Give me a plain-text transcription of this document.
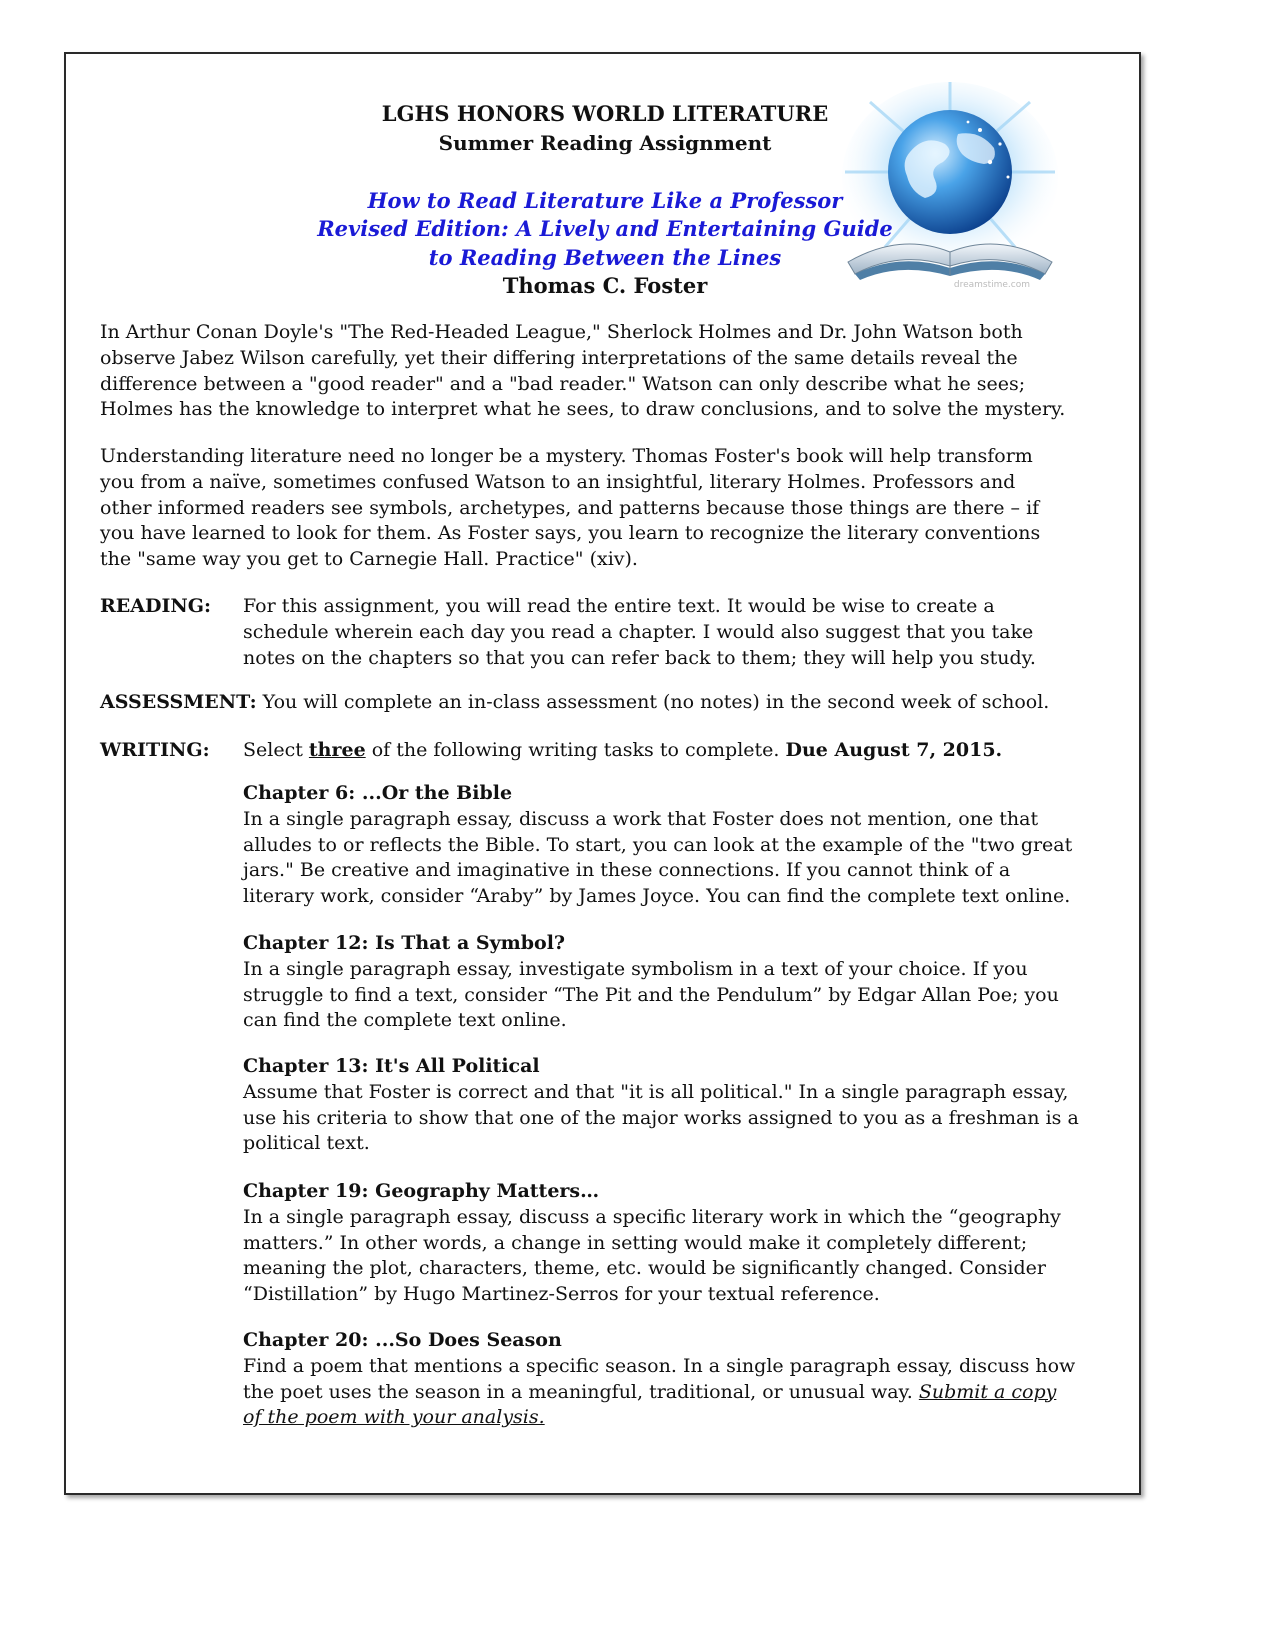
dreamstime.com
LGHS HONORS WORLD LITERATURE
Summer Reading Assignment
How to Read Literature Like a Professor
Revised Edition: A Lively and Entertaining Guide
to Reading Between the Lines
Thomas C. Foster
In Arthur Conan Doyle's "The Red-Headed League," Sherlock Holmes and Dr. John Watson both
observe Jabez Wilson carefully, yet their differing interpretations of the same details reveal the
difference between a "good reader" and a "bad reader." Watson can only describe what he sees;
Holmes has the knowledge to interpret what he sees, to draw conclusions, and to solve the mystery.
Understanding literature need no longer be a mystery. Thomas Foster's book will help transform
you from a naïve, sometimes confused Watson to an insightful, literary Holmes. Professors and
other informed readers see symbols, archetypes, and patterns because those things are there – if
you have learned to look for them. As Foster says, you learn to recognize the literary conventions
the "same way you get to Carnegie Hall. Practice" (xiv).
READING: For this assignment, you will read the entire text. It would be wise to create a
schedule wherein each day you read a chapter. I would also suggest that you take
notes on the chapters so that you can refer back to them; they will help you study.
ASSESSMENT: You will complete an in-class assessment (no notes) in the second week of school.
WRITING: Select three of the following writing tasks to complete. Due August 7, 2015.
Chapter 6: ...Or the Bible
In a single paragraph essay, discuss a work that Foster does not mention, one that
alludes to or reflects the Bible. To start, you can look at the example of the "two great
jars." Be creative and imaginative in these connections. If you cannot think of a
literary work, consider “Araby” by James Joyce. You can find the complete text online.
Chapter 12: Is That a Symbol?
In a single paragraph essay, investigate symbolism in a text of your choice. If you
struggle to find a text, consider “The Pit and the Pendulum” by Edgar Allan Poe; you
can find the complete text online.
Chapter 13: It's All Political
Assume that Foster is correct and that "it is all political." In a single paragraph essay,
use his criteria to show that one of the major works assigned to you as a freshman is a
political text.
Chapter 19: Geography Matters…
In a single paragraph essay, discuss a specific literary work in which the “geography
matters.” In other words, a change in setting would make it completely different;
meaning the plot, characters, theme, etc. would be significantly changed. Consider
“Distillation” by Hugo Martinez-Serros for your textual reference.
Chapter 20: ...So Does Season
Find a poem that mentions a specific season. In a single paragraph essay, discuss how
the poet uses the season in a meaningful, traditional, or unusual way. Submit a copy
of the poem with your analysis.
